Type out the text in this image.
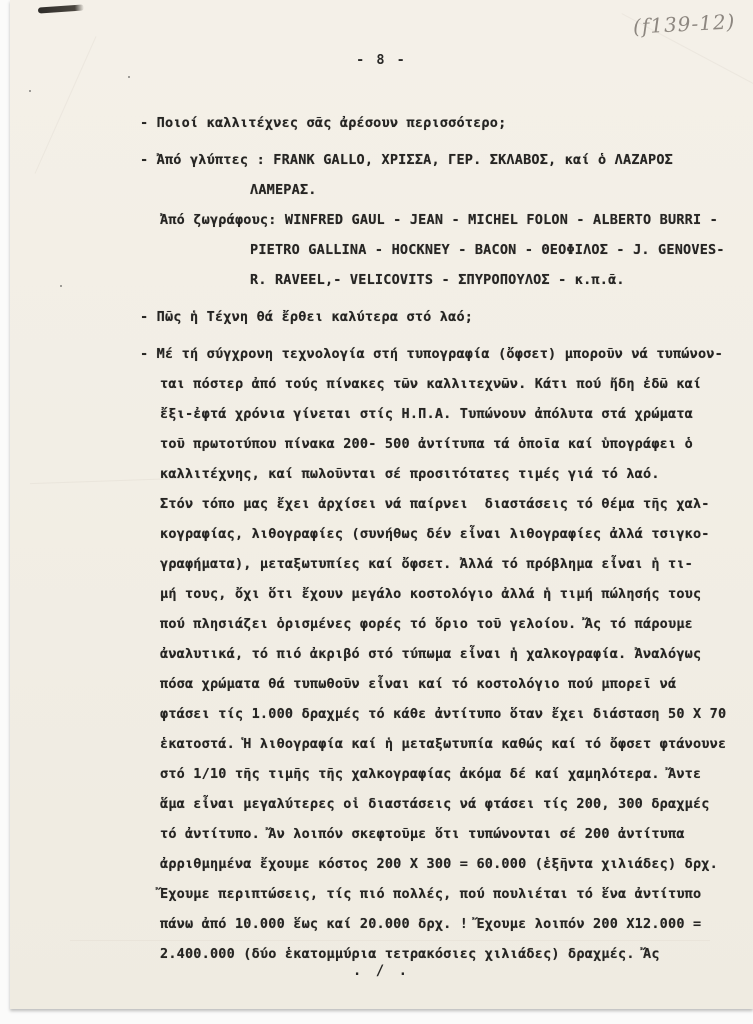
(f139-12)
- 8 -
- Ποιοί καλλιτέχνες σᾶς ἀρέσουν περισσότερο;
- Ἀπό γλύπτες : FRANK GALLO, ΧΡΙΣΣΑ, ΓΕΡ. ΣΚΛΑΒΟΣ, καί ὁ ΛΑΖΑΡΟΣ
ΛΑΜΕΡΑΣ.
Ἀπό ζωγράφους: WINFRED GAUL - JEAN - MICHEL FOLON - ALBERTO BURRI -
PIETRO GALLINA - HOCKNEY - BACON - ΘΕΟΦΙΛΟΣ - J. GENOVES-
R. RAVEEL,- VELICOVITS - ΣΠΥΡΟΠΟΥΛΟΣ - κ.π.ᾶ.
- Πῶς ἡ Τέχνη θά ἔρθει καλύτερα στό λαό;
- Μέ τή σύγχρονη τεχνολογία στή τυπογραφία (ὄφσετ) μποροῦν νά τυπώνον-
ται πόστερ ἀπό τούς πίνακες τῶν καλλιτεχνῶν. Κάτι πού ἤδη ἐδῶ καί
ἔξι-ἐφτά χρόνια γίνεται στίς Η.Π.Α. Τυπώνουν ἀπόλυτα στά χρώματα
τοῦ πρωτοτύπου πίνακα 200- 500 ἀντίτυπα τά ὁποῖα καί ὑπογράφει ὁ
καλλιτέχνης, καί πωλοῦνται σέ προσιτότατες τιμές γιά τό λαό.
Στόν τόπο μας ἔχει ἀρχίσει νά παίρνει  διαστάσεις τό θέμα τῆς χαλ-
κογραφίας, λιθογραφίες (συνήθως δέν εἶναι λιθογραφίες ἀλλά τσιγκο-
γραφήματα), μεταξωτυπίες καί ὄφσετ. Ἀλλά τό πρόβλημα εἶναι ἡ τι-
μή τους, ὄχι ὅτι ἔχουν μεγάλο κοστολόγιο ἀλλά ἡ τιμή πώλησής τους
πού πλησιάζει ὁρισμένες φορές τό ὅριο τοῦ γελοίου. Ἄς τό πάρουμε
ἀναλυτικά, τό πιό ἀκριβό στό τύπωμα εἶναι ἡ χαλκογραφία. Ἀναλόγως
πόσα χρώματα θά τυπωθοῦν εἶναι καί τό κοστολόγιο πού μπορεῖ νά
φτάσει τίς 1.000 δραχμές τό κάθε ἀντίτυπο ὅταν ἔχει διάσταση 50 Χ 70
ἑκατοστά. Ἡ λιθογραφία καί ἡ μεταξωτυπία καθώς καί τό ὄφσετ φτάνουνε
στό 1/10 τῆς τιμῆς τῆς χαλκογραφίας ἀκόμα δέ καί χαμηλότερα. Ἄντε
ἅμα εἶναι μεγαλύτερες οἱ διαστάσεις νά φτάσει τίς 200, 300 δραχμές
τό ἀντίτυπο. Ἄν λοιπόν σκεφτοῦμε ὅτι τυπώνονται σέ 200 ἀντίτυπα
ἀρριθμημένα ἔχουμε κόστος 200 Χ 300 = 60.000 (ἑξῆντα χιλιάδες) δρχ.
Ἔχουμε περιπτώσεις, τίς πιό πολλές, πού πουλιέται τό ἕνα ἀντίτυπο
πάνω ἀπό 10.000 ἕως καί 20.000 δρχ. ! Ἔχουμε λοιπόν 200 Χ12.000 =
2.400.000 (δύο ἑκατομμύρια τετρακόσιες χιλιάδες) δραχμές. Ἄς
. / .
